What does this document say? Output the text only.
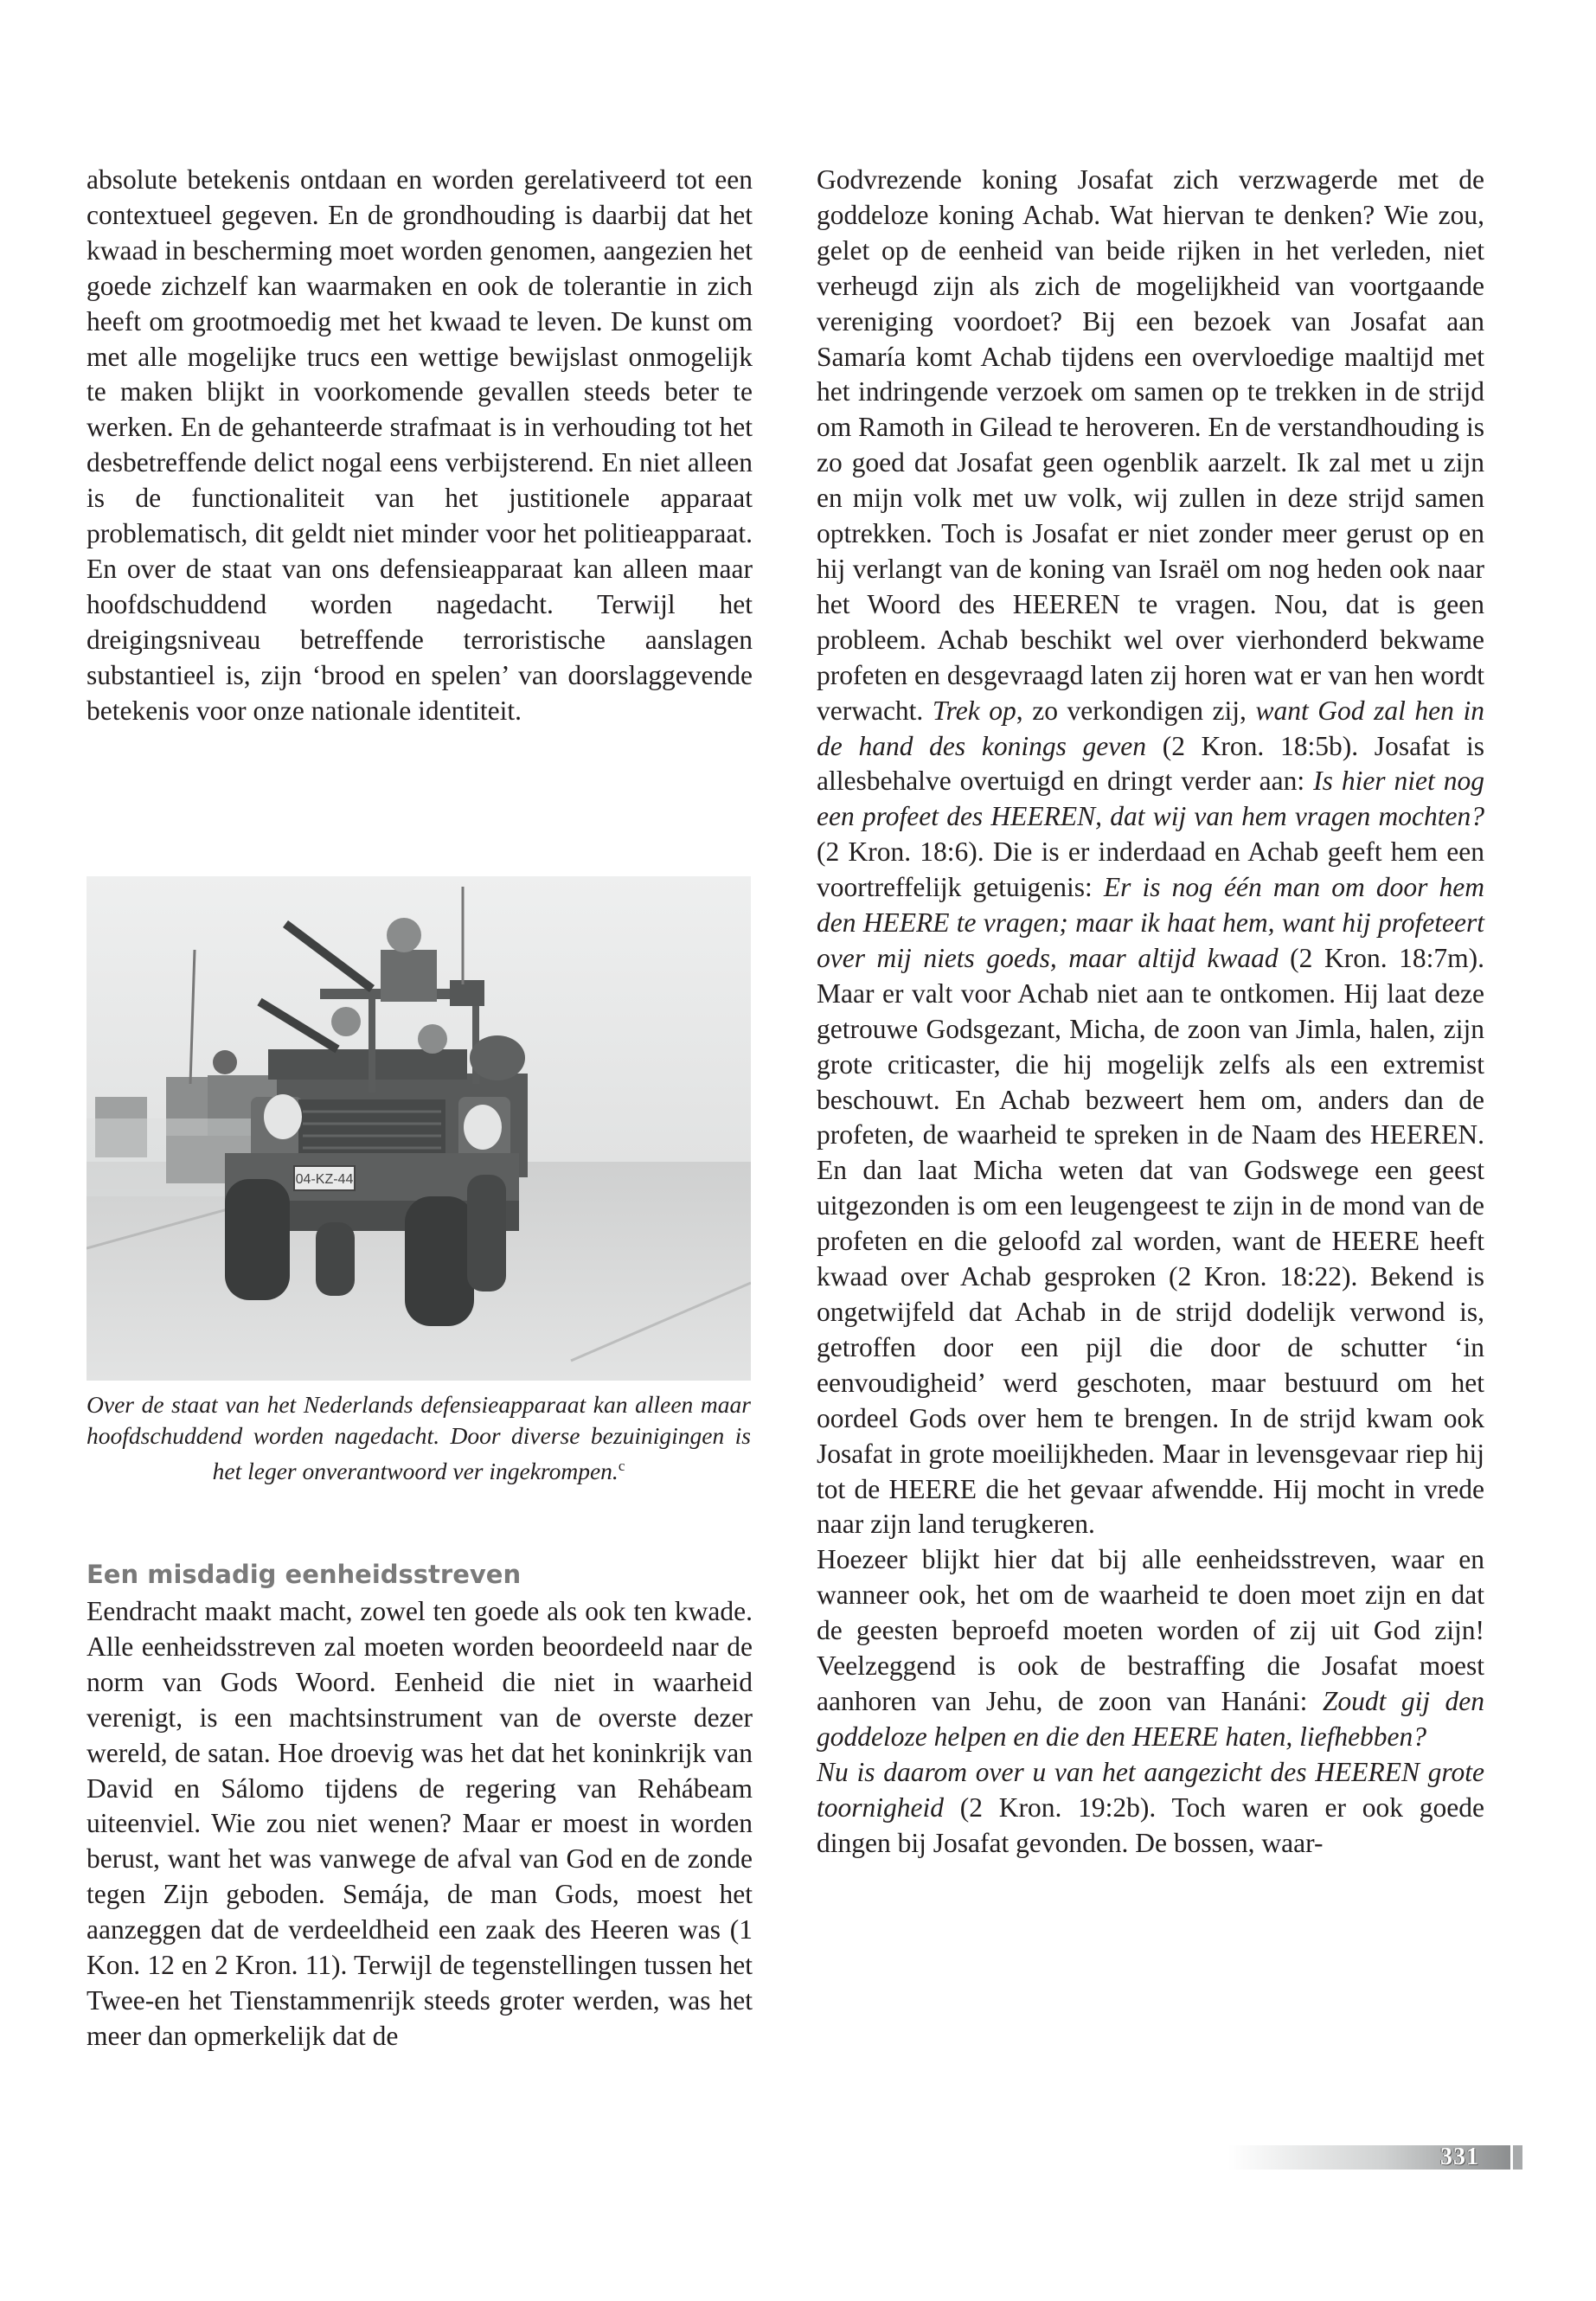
absolute betekenis ontdaan en worden gerelativeerd tot een contextueel gegeven. En de grondhouding is daarbij dat het kwaad in bescherming moet worden genomen, aangezien het goede zichzelf kan waarmaken en ook de tolerantie in zich heeft om grootmoedig met het kwaad te leven. De kunst om met alle mogelijke trucs een wettige bewijslast onmogelijk te maken blijkt in voorkomende gevallen steeds beter te werken. En de gehanteerde strafmaat is in verhouding tot het desbetreffende delict nogal eens verbijsterend. En niet alleen is de functionaliteit van het justitionele apparaat problematisch, dit geldt niet minder voor het politieapparaat. En over de staat van ons defensieapparaat kan alleen maar hoofdschuddend worden nagedacht. Terwijl het dreigingsniveau betreffende terroristische aanslagen substantieel is, zijn ‘brood en spelen’ van doorslaggevende betekenis voor onze nationale identiteit.

04-KZ-44
Over de staat van het Nederlands defensieapparaat kan alleen maar hoofdschuddend worden nagedacht. Door diverse bezuinigingen is het leger onverantwoord ver ingekrompen.$^c$
Een misdadig eenheidsstreven

Eendracht maakt macht, zowel ten goede als ook ten kwade. Alle eenheidsstreven zal moeten worden beoordeeld naar de norm van Gods Woord. Eenheid die niet in waarheid verenigt, is een machtsinstrument van de overste dezer wereld, de satan. Hoe droevig was het dat het koninkrijk van David en Sálomo tijdens de regering van Rehábeam uiteenviel. Wie zou niet wenen? Maar er moest in worden berust, want het was vanwege de afval van God en de zonde tegen Zijn geboden. Semája, de man Gods, moest het aanzeggen dat de verdeeldheid een zaak des Heeren was (1 Kon. 12 en 2 Kron. 11). Terwijl de tegenstellingen tussen het Twee-en het Tienstammenrijk steeds groter werden, was het meer dan opmerkelijk dat de

Godvrezende koning Josafat zich verzwagerde met de goddeloze koning Achab. Wat hiervan te denken? Wie zou, gelet op de eenheid van beide rijken in het verleden, niet verheugd zijn als zich de mogelijkheid van voortgaande vereniging voordoet? Bij een bezoek van Josafat aan Samaría komt Achab tijdens een overvloedige maaltijd met het indringende verzoek om samen op te trekken in de strijd om Ramoth in Gilead te heroveren. En de verstandhouding is zo goed dat Josafat geen ogenblik aarzelt. Ik zal met u zijn en mijn volk met uw volk, wij zullen in deze strijd samen optrekken. Toch is Josafat er niet zonder meer gerust op en hij verlangt van de koning van Israël om nog heden ook naar het Woord des HEEREN te vragen. Nou, dat is geen probleem. Achab beschikt wel over vierhonderd bekwame profeten en desgevraagd laten zij horen wat er van hen wordt verwacht. Trek op, zo verkondigen zij, want God zal hen in de hand des konings geven (2 Kron. 18:5b). Josafat is allesbehalve overtuigd en dringt verder aan: Is hier niet nog een profeet des HEEREN, dat wij van hem vragen mochten? (2 Kron. 18:6). Die is er inderdaad en Achab geeft hem een voortreffelijk getuigenis: Er is nog één man om door hem den HEERE te vragen; maar ik haat hem, want hij profeteert over mij niets goeds, maar altijd kwaad (2 Kron. 18:7m). Maar er valt voor Achab niet aan te ontkomen. Hij laat deze getrouwe Godsgezant, Micha, de zoon van Jimla, halen, zijn grote criticaster, die hij mogelijk zelfs als een extremist beschouwt. En Achab bezweert hem om, anders dan de profeten, de waarheid te spreken in de Naam des HEEREN. En dan laat Micha weten dat van Godswege een geest uitgezonden is om een leugengeest te zijn in de mond van de profeten en die geloofd zal worden, want de HEERE heeft kwaad over Achab gesproken (2 Kron. 18:22). Bekend is ongetwijfeld dat Achab in de strijd dodelijk verwond is, getroffen door een pijl die door de schutter ‘in eenvoudigheid’ werd geschoten, maar bestuurd om het oordeel Gods over hem te brengen. In de strijd kwam ook Josafat in grote moeilijkheden. Maar in levensgevaar riep hij tot de HEERE die het gevaar afwendde. Hij mocht in vrede naar zijn land terugkeren.

Hoezeer blijkt hier dat bij alle eenheidsstreven, waar en wanneer ook, het om de waarheid te doen moet zijn en dat de geesten beproefd moeten worden of zij uit God zijn! Veelzeggend is ook de bestraffing die Josafat moest aanhoren van Jehu, de zoon van Hanáni: Zoudt gij den goddeloze helpen en die den HEERE haten, liefhebben?

Nu is daarom over u van het aangezicht des HEEREN grote toornigheid (2 Kron. 19:2b). Toch waren er ook goede dingen bij Josafat gevonden. De bossen, waar-

331
